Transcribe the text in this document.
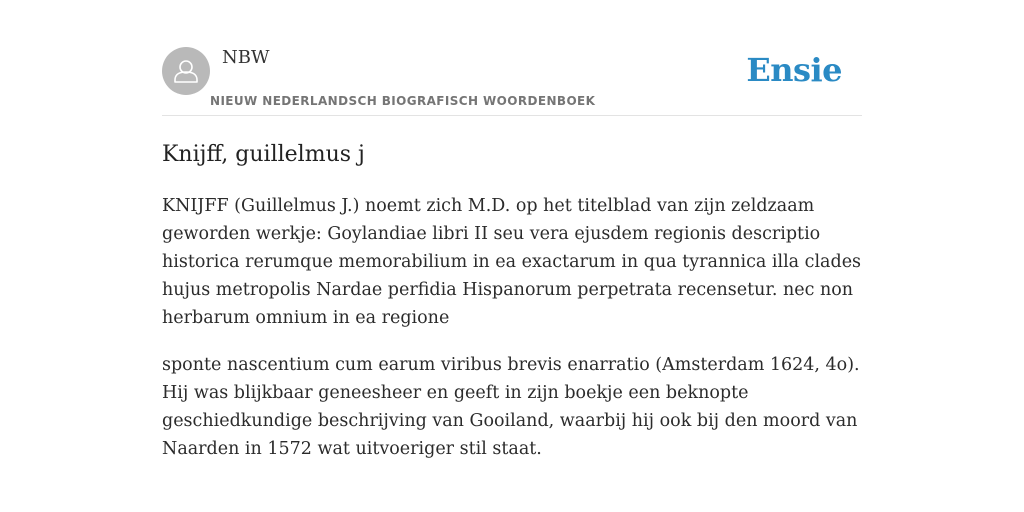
NBW
NIEUW NEDERLANDSCH BIOGRAFISCH WOORDENBOEK
Ensie
Knijff, guillelmus j

KNIJFF (Guillelmus J.) noemt zich M.D. op het titelblad van zijn zeldzaam geworden werkje: Goylandiae libri II seu vera ejusdem regionis descriptio historica rerumque memorabilium in ea exactarum in qua tyrannica illa clades hujus metropolis Nardae perfidia Hispanorum perpetrata recensetur. nec non herbarum omnium in ea regione

sponte nascentium cum earum viribus brevis enarratio (Amsterdam 1624, 4o). Hij was blijkbaar geneesheer en geeft in zijn boekje een beknopte geschiedkundige beschrijving van Gooiland, waarbij hij ook bij den moord van Naarden in 1572 wat uitvoeriger stil staat.
